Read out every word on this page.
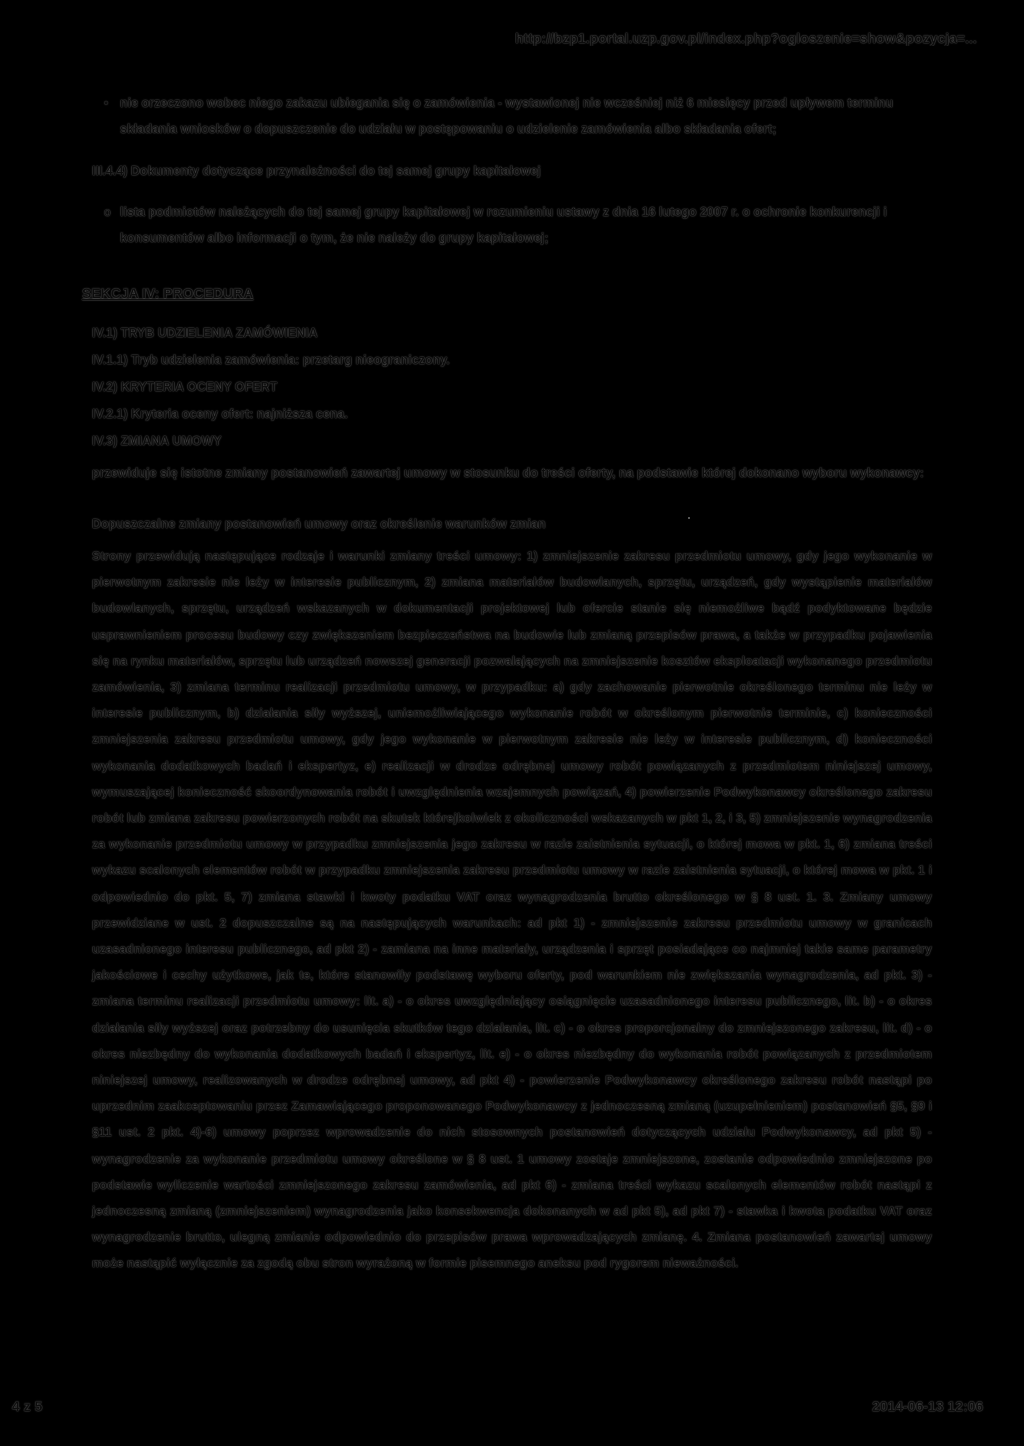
http://bzp1.portal.uzp.gov.pl/index.php?ogloszenie=show&pozycja=...
• nie orzeczono wobec niego zakazu ubiegania się o zamówienia - wystawionej nie wcześniej niż 6 miesięcy przed upływem terminu składania wniosków o dopuszczenie do udziału w postępowaniu o udzielenie zamówienia albo składania ofert;
III.4.4) Dokumenty dotyczące przynależności do tej samej grupy kapitałowej
o lista podmiotów należących do tej samej grupy kapitałowej w rozumieniu ustawy z dnia 16 lutego 2007 r. o ochronie konkurencji i konsumentów albo informacji o tym, że nie należy do grupy kapitałowej;
SEKCJA IV: PROCEDURA
IV.1) TRYB UDZIELENIA ZAMÓWIENIA
IV.1.1) Tryb udzielenia zamówienia: przetarg nieograniczony.
IV.2) KRYTERIA OCENY OFERT
IV.2.1) Kryteria oceny ofert: najniższa cena.
IV.3) ZMIANA UMOWY
przewiduje się istotne zmiany postanowień zawartej umowy w stosunku do treści oferty, na podstawie której dokonano wyboru wykonawcy:
Dopuszczalne zmiany postanowień umowy oraz określenie warunków zmian
Strony przewidują następujące rodzaje i warunki zmiany treści umowy: 1) zmniejszenie zakresu przedmiotu umowy, gdy jego wykonanie w pierwotnym zakresie nie leży w interesie publicznym, 2) zmiana materiałów budowlanych, sprzętu, urządzeń, gdy wystąpienie materiałów budowlanych, sprzętu, urządzeń wskazanych w dokumentacji projektowej lub ofercie stanie się niemożliwe bądź podyktowane będzie usprawnieniem procesu budowy czy zwiększeniem bezpieczeństwa na budowie lub zmianą przepisów prawa, a także w przypadku pojawienia się na rynku materiałów, sprzętu lub urządzeń nowszej generacji pozwalających na zmniejszenie kosztów eksploatacji wykonanego przedmiotu zamówienia, 3) zmiana terminu realizacji przedmiotu umowy, w przypadku: a) gdy zachowanie pierwotnie określonego terminu nie leży w interesie publicznym, b) działania siły wyższej, uniemożliwiającego wykonanie robót w określonym pierwotnie terminie, c) konieczności zmniejszenia zakresu przedmiotu umowy, gdy jego wykonanie w pierwotnym zakresie nie leży w interesie publicznym, d) konieczności wykonania dodatkowych badań i ekspertyz, e) realizacji w drodze odrębnej umowy robót powiązanych z przedmiotem niniejszej umowy, wymuszającej konieczność skoordynowania robót i uwzględnienia wzajemnych powiązań, 4) powierzenie Podwykonawcy określonego zakresu robót lub zmiana zakresu powierzonych robót na skutek którejkolwiek z okoliczności wskazanych w pkt 1, 2, i 3, 5) zmniejszenie wynagrodzenia za wykonanie przedmiotu umowy w przypadku zmniejszenia jego zakresu w razie zaistnienia sytuacji, o której mowa w pkt. 1, 6) zmiana treści wykazu scalonych elementów robót w przypadku zmniejszenia zakresu przedmiotu umowy w razie zaistnienia sytuacji, o której mowa w pkt. 1 i odpowiednio do pkt. 5, 7) zmiana stawki i kwoty podatku VAT oraz wynagrodzenia brutto określonego w § 8 ust. 1. 3. Zmiany umowy przewidziane w ust. 2 dopuszczalne są na następujących warunkach: ad pkt 1) - zmniejszenie zakresu przedmiotu umowy w granicach uzasadnionego interesu publicznego, ad pkt 2) - zamiana na inne materiały, urządzenia i sprzęt posiadające co najmniej takie same parametry jakościowe i cechy użytkowe, jak te, które stanowiły podstawę wyboru oferty, pod warunkiem nie zwiększania wynagrodzenia, ad pkt. 3) - zmiana terminu realizacji przedmiotu umowy: lit. a) - o okres uwzględniający osiągnięcie uzasadnionego interesu publicznego, lit. b) - o okres działania siły wyższej oraz potrzebny do usunięcia skutków tego działania, lit. c) - o okres proporcjonalny do zmniejszonego zakresu, lit. d) - o okres niezbędny do wykonania dodatkowych badań i ekspertyz, lit. e) - o okres niezbędny do wykonania robót powiązanych z przedmiotem niniejszej umowy, realizowanych w drodze odrębnej umowy, ad pkt 4) - powierzenie Podwykonawcy określonego zakresu robót nastąpi po uprzednim zaakceptowaniu przez Zamawiającego proponowanego Podwykonawcy z jednoczesną zmianą (uzupełnieniem) postanowień §5, §9 i §11 ust. 2 pkt. 4)-6) umowy poprzez wprowadzenie do nich stosownych postanowień dotyczących udziału Podwykonawcy, ad pkt 5) - wynagrodzenie za wykonanie przedmiotu umowy określone w § 8 ust. 1 umowy zostaje zmniejszone, zostanie odpowiednio zmniejszone po podstawie wyliczenie wartości zmniejszonego zakresu zamówienia, ad pkt 6) - zmiana treści wykazu scalonych elementów robót nastąpi z jednoczesną zmianą (zmniejszeniem) wynagrodzenia jako konsekwencja dokonanych w ad pkt 5), ad pkt 7) - stawka i kwota podatku VAT oraz wynagrodzenie brutto, ulegną zmianie odpowiednio do przepisów prawa wprowadzających zmianę. 4. Zmiana postanowień zawartej umowy może nastąpić wyłącznie za zgodą obu stron wyrażoną w formie pisemnego aneksu pod rygorem nieważności.
4 z 5	2014-06-13 12:06
